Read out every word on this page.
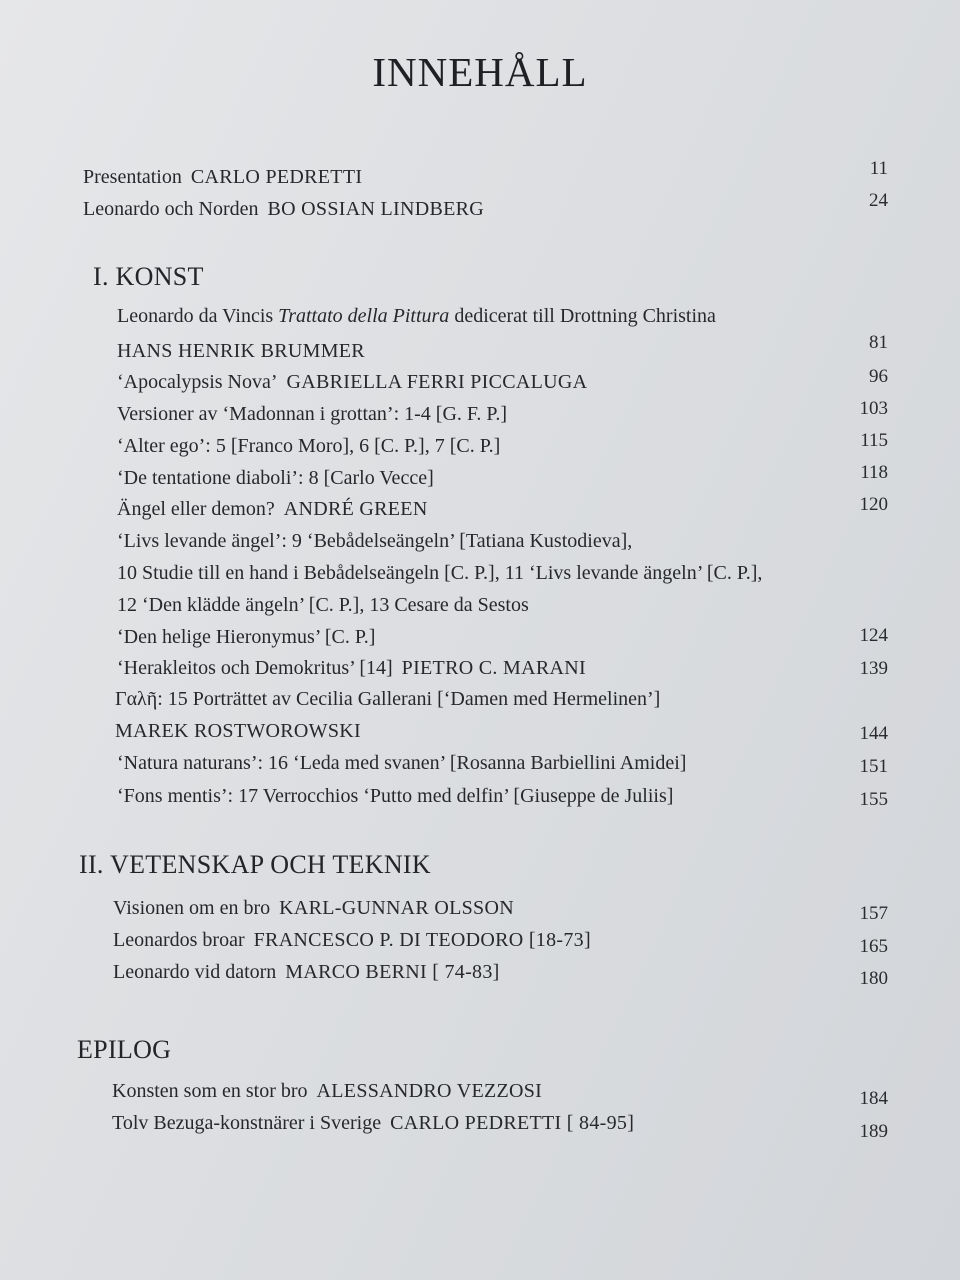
INNEHÅLL
Presentation CARLO PEDRETTI	11
Leonardo och Norden BO OSSIAN LINDBERG	24
I. KONST
Leonardo da Vincis Trattato della Pittura dedicerat till Drottning Christina
HANS HENRIK BRUMMER	81
‘Apocalypsis Nova’ GABRIELLA FERRI PICCALUGA	96
Versioner av ‘Madonnan i grottan’: 1-4 [G. F. P.]	103
‘Alter ego’: 5 [Franco Moro], 6 [C. P.], 7 [C. P.]	115
‘De tentatione diaboli’: 8 [Carlo Vecce]	118
Ängel eller demon? ANDRÉ GREEN	120
‘Livs levande ängel’: 9 ‘Bebådelseängeln’ [Tatiana Kustodieva],
10 Studie till en hand i Bebådelseängeln [C. P.], 11 ‘Livs levande ängeln’ [C. P.],
12 ‘Den klädde ängeln’ [C. P.], 13 Cesare da Sestos
‘Den helige Hieronymus’ [C. P.]	124
‘Herakleitos och Demokritus’ [14] PIETRO C. MARANI	139
Γαλῆ: 15 Porträttet av Cecilia Gallerani [‘Damen med Hermelinen’]
MAREK ROSTWOROWSKI	144
‘Natura naturans’: 16 ‘Leda med svanen’ [Rosanna Barbiellini Amidei]	151
‘Fons mentis’: 17 Verrocchios ‘Putto med delfin’ [Giuseppe de Juliis]	155
II. VETENSKAP OCH TEKNIK
Visionen om en bro KARL-GUNNAR OLSSON	157
Leonardos broar FRANCESCO P. DI TEODORO [18-73]	165
Leonardo vid datorn MARCO BERNI [ 74-83]	180
EPILOG
Konsten som en stor bro ALESSANDRO VEZZOSI	184
Tolv Bezuga-konstnärer i Sverige CARLO PEDRETTI [ 84-95]	189
